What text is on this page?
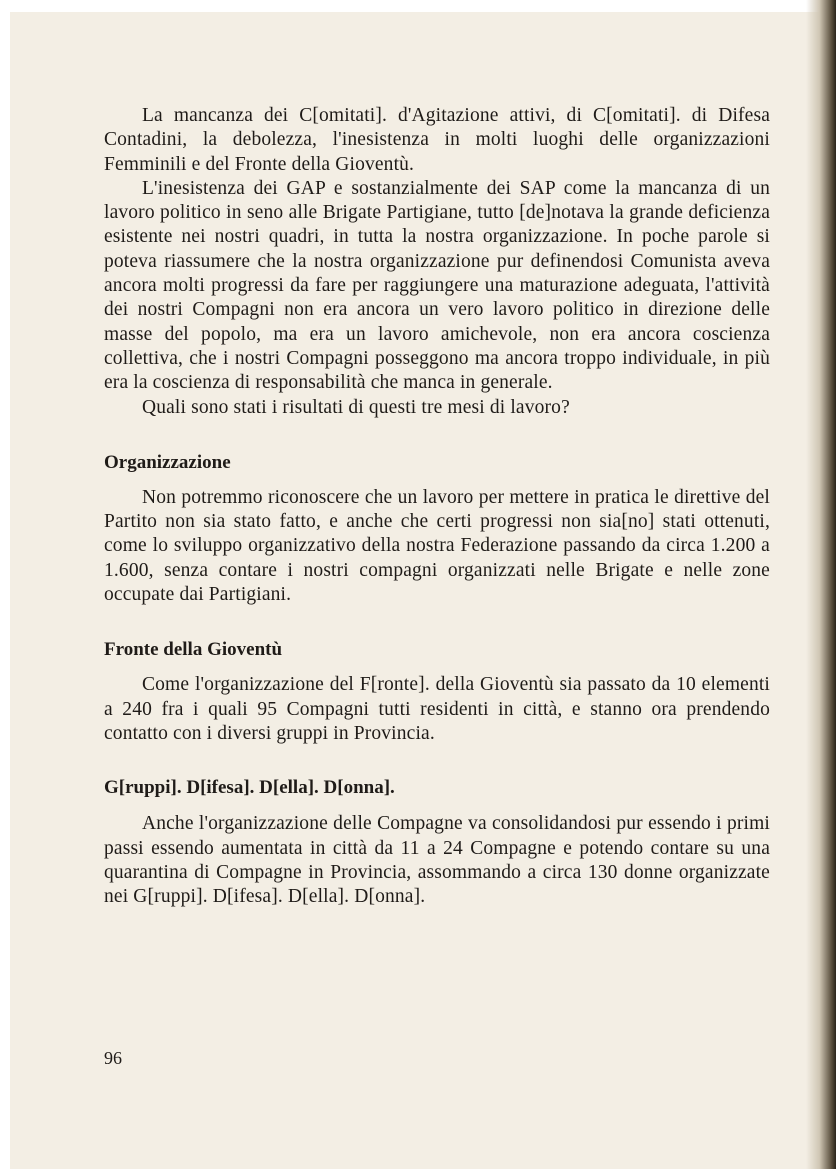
La mancanza dei C[omitati]. d'Agitazione attivi, di C[omitati]. di Difesa Contadini, la debolezza, l'inesistenza in molti luoghi delle organizzazioni Femminili e del Fronte della Gioventù.

L'inesistenza dei GAP e sostanzialmente dei SAP come la mancanza di un lavoro politico in seno alle Brigate Partigiane, tutto [de]notava la grande deficienza esistente nei nostri quadri, in tutta la nostra organizzazione. In poche parole si poteva riassumere che la nostra organizzazione pur definendosi Comunista aveva ancora molti progressi da fare per raggiungere una maturazione adeguata, l'attività dei nostri Compagni non era ancora un vero lavoro politico in direzione delle masse del popolo, ma era un lavoro amichevole, non era ancora coscienza collettiva, che i nostri Compagni posseggono ma ancora troppo individuale, in più era la coscienza di responsabilità che manca in generale.

Quali sono stati i risultati di questi tre mesi di lavoro?

Organizzazione

Non potremmo riconoscere che un lavoro per mettere in pratica le direttive del Partito non sia stato fatto, e anche che certi progressi non sia[no] stati ottenuti, come lo sviluppo organizzativo della nostra Federazione passando da circa 1.200 a 1.600, senza contare i nostri compagni organizzati nelle Brigate e nelle zone occupate dai Partigiani.

Fronte della Gioventù

Come l'organizzazione del F[ronte]. della Gioventù sia passato da 10 elementi a 240 fra i quali 95 Compagni tutti residenti in città, e stanno ora prendendo contatto con i diversi gruppi in Provincia.

G[ruppi]. D[ifesa]. D[ella]. D[onna].

Anche l'organizzazione delle Compagne va consolidandosi pur essendo i primi passi essendo aumentata in città da 11 a 24 Compagne e potendo contare su una quarantina di Compagne in Provincia, assommando a circa 130 donne organizzate nei G[ruppi]. D[ifesa]. D[ella]. D[onna].

96
